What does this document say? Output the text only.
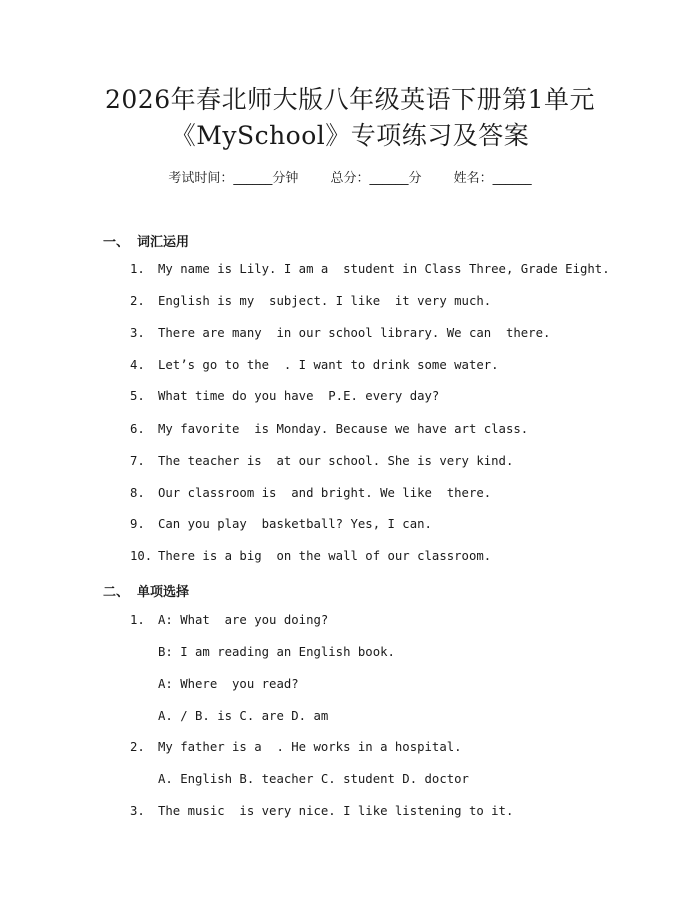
2026年春北师大版八年级英语下册第1单元
《MySchool》专项练习及答案
考试时间：______分钟 总分：______分 姓名：______
一、 词汇运用
1. My name is Lily. I am a  student in Class Three, Grade Eight.
2. English is my  subject. I like  it very much.
3. There are many  in our school library. We can  there.
4. Let’s go to the  . I want to drink some water.
5. What time do you have  P.E. every day?
6. My favorite  is Monday. Because we have art class.
7. The teacher is  at our school. She is very kind.
8. Our classroom is  and bright. We like  there.
9. Can you play  basketball? Yes, I can.
10. There is a big  on the wall of our classroom.
二、 单项选择
1. A: What  are you doing?
B: I am reading an English book.
A: Where  you read?
A. / B. is C. are D. am
2. My father is a  . He works in a hospital.
A. English B. teacher C. student D. doctor
3. The music  is very nice. I like listening to it.
